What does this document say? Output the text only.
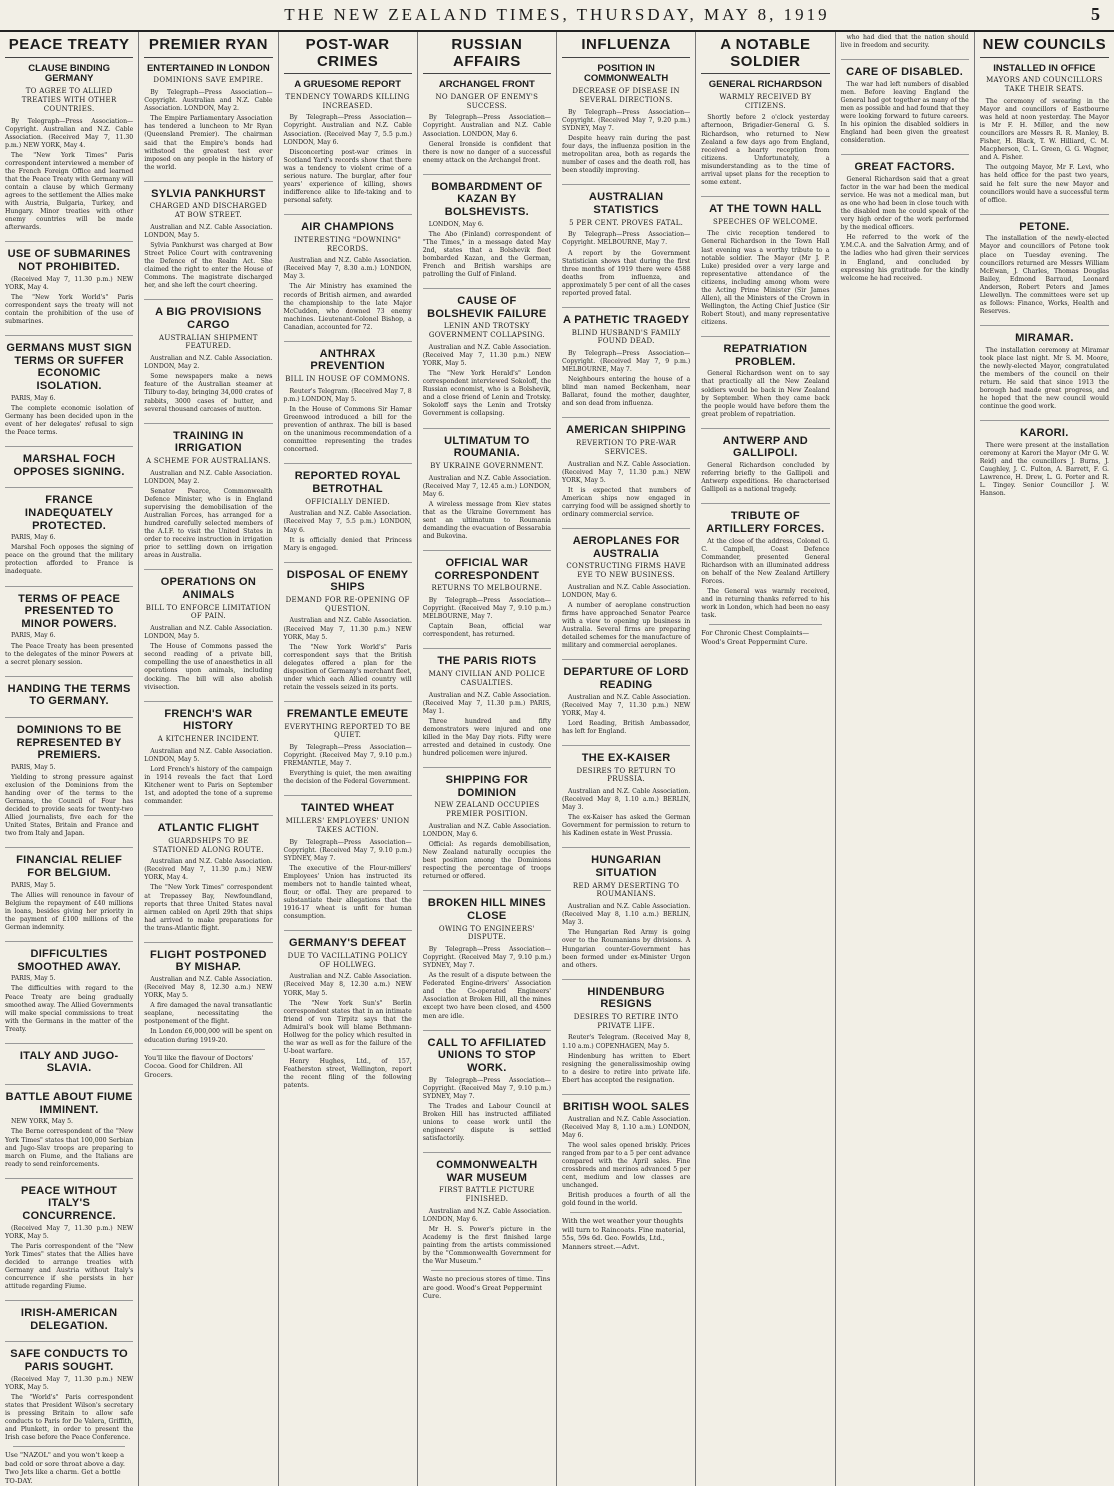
THE NEW ZEALAND TIMES, THURSDAY, MAY 8, 1919	5
PEACE TREATY
CLAUSE BINDING GERMANY
TO AGREE TO ALLIED TREATIES WITH OTHER COUNTRIES.

By Telegraph—Press Association—Copyright. Australian and N.Z. Cable Association. (Received May 7, 11.30 p.m.) NEW YORK, May 4.

The "New York Times" Paris correspondent interviewed a member of the French Foreign Office and learned that the Peace Treaty with Germany will contain a clause by which Germany agrees to the settlement the Allies make with Austria, Bulgaria, Turkey, and Hungary. Minor treaties with other enemy countries will be made afterwards.

USE OF SUBMARINES NOT PROHIBITED.

(Received May 7, 11.30 p.m.) NEW YORK, May 4.

The "New York World's" Paris correspondent says the treaty will not contain the prohibition of the use of submarines.

GERMANS MUST SIGN TERMS OR SUFFER ECONOMIC ISOLATION.

PARIS, May 6.

The complete economic isolation of Germany has been decided upon in the event of her delegates' refusal to sign the Peace terms.

MARSHAL FOCH OPPOSES SIGNING.
FRANCE INADEQUATELY PROTECTED.

PARIS, May 6.

Marshal Foch opposes the signing of peace on the ground that the military protection afforded to France is inadequate.

TERMS OF PEACE PRESENTED TO MINOR POWERS.

PARIS, May 6.

The Peace Treaty has been presented to the delegates of the minor Powers at a secret plenary session.

HANDING THE TERMS TO GERMANY.
DOMINIONS TO BE REPRESENTED BY PREMIERS.

PARIS, May 5.

Yielding to strong pressure against exclusion of the Dominions from the handing over of the terms to the Germans, the Council of Four has decided to provide seats for twenty-two Allied journalists, five each for the United States, Britain and France and two from Italy and Japan.

FINANCIAL RELIEF FOR BELGIUM.

PARIS, May 5.

The Allies will renounce in favour of Belgium the repayment of £40 millions in loans, besides giving her priority in the payment of £100 millions of the German indemnity.

DIFFICULTIES SMOOTHED AWAY.

PARIS, May 5.

The difficulties with regard to the Peace Treaty are being gradually smoothed away. The Allied Governments will make special commissions to treat with the Germans in the matter of the Treaty.

ITALY AND JUGO-SLAVIA.
BATTLE ABOUT FIUME IMMINENT.

NEW YORK, May 5.

The Berne correspondent of the "New York Times" states that 100,000 Serbian and Jugo-Slav troops are preparing to march on Fiume, and the Italians are ready to send reinforcements.

PEACE WITHOUT ITALY'S CONCURRENCE.

(Received May 7, 11.30 p.m.) NEW YORK, May 5.

The Paris correspondent of the "New York Times" states that the Allies have decided to arrange treaties with Germany and Austria without Italy's concurrence if she persists in her attitude regarding Fiume.

IRISH-AMERICAN DELEGATION.
SAFE CONDUCTS TO PARIS SOUGHT.

(Received May 7, 11.30 p.m.) NEW YORK, May 5.

The "World's" Paris correspondent states that President Wilson's secretary is pressing Britain to allow safe conducts to Paris for De Valera, Griffith, and Plunkett, in order to present the Irish case before the Peace Conference.

Use "NAZOL" and you won't keep a bad cold or sore throat above a day. Two Jets like a charm. Get a bottle TO-DAY.
PREMIER RYAN
ENTERTAINED IN LONDON
DOMINIONS SAVE EMPIRE.

By Telegraph—Press Association—Copyright. Australian and N.Z. Cable Association. LONDON, May 2.

The Empire Parliamentary Association has tendered a luncheon to Mr Ryan (Queensland Premier). The chairman said that the Empire's bonds had withstood the greatest test ever imposed on any people in the history of the world.

SYLVIA PANKHURST
CHARGED AND DISCHARGED AT BOW STREET.

Australian and N.Z. Cable Association. LONDON, May 5.

Sylvia Pankhurst was charged at Bow Street Police Court with contravening the Defence of the Realm Act. She claimed the right to enter the House of Commons. The magistrate discharged her, and she left the court cheering.

A BIG PROVISIONS CARGO
AUSTRALIAN SHIPMENT FEATURED.

Australian and N.Z. Cable Association. LONDON, May 2.

Some newspapers make a news feature of the Australian steamer at Tilbury to-day, bringing 34,000 crates of rabbits, 3000 cases of butter, and several thousand carcases of mutton.

TRAINING IN IRRIGATION
A SCHEME FOR AUSTRALIANS.

Australian and N.Z. Cable Association. LONDON, May 2.

Senator Pearce, Commonwealth Defence Minister, who is in England supervising the demobilisation of the Australian Forces, has arranged for a hundred carefully selected members of the A.I.F. to visit the United States in order to receive instruction in irrigation prior to settling down on irrigation areas in Australia.

OPERATIONS ON ANIMALS
BILL TO ENFORCE LIMITATION OF PAIN.

Australian and N.Z. Cable Association. LONDON, May 5.

The House of Commons passed the second reading of a private bill, compelling the use of anaesthetics in all operations upon animals, including docking. The bill will also abolish vivisection.

FRENCH'S WAR HISTORY
A KITCHENER INCIDENT.

Australian and N.Z. Cable Association. LONDON, May 5.

Lord French's history of the campaign in 1914 reveals the fact that Lord Kitchener went to Paris on September 1st, and adopted the tone of a supreme commander.

ATLANTIC FLIGHT
GUARDSHIPS TO BE STATIONED ALONG ROUTE.

Australian and N.Z. Cable Association. (Received May 7, 11.30 p.m.) NEW YORK, May 4.

The "New York Times" correspondent at Trepassey Bay, Newfoundland, reports that three United States naval airmen cabled on April 29th that ships had arrived to make preparations for the trans-Atlantic flight.

FLIGHT POSTPONED BY MISHAP.

Australian and N.Z. Cable Association. (Received May 8, 12.30 a.m.) NEW YORK, May 5.

A fire damaged the naval transatlantic seaplane, necessitating the postponement of the flight.

In London £6,000,000 will be spent on education during 1919-20.

You'll like the flavour of Doctors' Cocoa. Good for Children. All Grocers.
POST-WAR CRIMES
A GRUESOME REPORT
TENDENCY TOWARDS KILLING INCREASED.

By Telegraph—Press Association—Copyright. Australian and N.Z. Cable Association. (Received May 7, 5.5 p.m.) LONDON, May 6.

Disconcerting post-war crimes in Scotland Yard's records show that there was a tendency to violent crime of a serious nature. The burglar, after four years' experience of killing, shows indifference alike to life-taking and to personal safety.

AIR CHAMPIONS
INTERESTING "DOWNING" RECORDS.

Australian and N.Z. Cable Association. (Received May 7, 8.30 a.m.) LONDON, May 3.

The Air Ministry has examined the records of British airmen, and awarded the championship to the late Major McCudden, who downed 73 enemy machines. Lieutenant-Colonel Bishop, a Canadian, accounted for 72.

ANTHRAX PREVENTION
BILL IN HOUSE OF COMMONS.

Reuter's Telegram. (Received May 7, 8 p.m.) LONDON, May 5.

In the House of Commons Sir Hamar Greenwood introduced a bill for the prevention of anthrax. The bill is based on the unanimous recommendation of a committee representing the trades concerned.

REPORTED ROYAL BETROTHAL
OFFICIALLY DENIED.

Australian and N.Z. Cable Association. (Received May 7, 5.5 p.m.) LONDON, May 6.

It is officially denied that Princess Mary is engaged.

DISPOSAL OF ENEMY SHIPS
DEMAND FOR RE-OPENING OF QUESTION.

Australian and N.Z. Cable Association. (Received May 7, 11.30 p.m.) NEW YORK, May 5.

The "New York World's" Paris correspondent says that the British delegates offered a plan for the disposition of Germany's merchant fleet, under which each Allied country will retain the vessels seized in its ports.

FREMANTLE EMEUTE
EVERYTHING REPORTED TO BE QUIET.

By Telegraph—Press Association—Copyright. (Received May 7, 9.10 p.m.) FREMANTLE, May 7.

Everything is quiet, the men awaiting the decision of the Federal Government.

TAINTED WHEAT
MILLERS' EMPLOYEES' UNION TAKES ACTION.

By Telegraph—Press Association—Copyright. (Received May 7, 9.10 p.m.) SYDNEY, May 7.

The executive of the Flour-millers' Employees' Union has instructed its members not to handle tainted wheat, flour, or offal. They are prepared to substantiate their allegations that the 1916-17 wheat is unfit for human consumption.

GERMANY'S DEFEAT
DUE TO VACILLATING POLICY OF HOLLWEG.

Australian and N.Z. Cable Association. (Received May 8, 12.30 a.m.) NEW YORK, May 5.

The "New York Sun's" Berlin correspondent states that in an intimate friend of von Tirpitz says that the Admiral's book will blame Bethmann-Hollweg for the policy which resulted in the war as well as for the failure of the U-boat warfare.

Henry Hughes, Ltd., of 157, Featherston street, Wellington, report the recent filing of the following patents.

RUSSIAN AFFAIRS
ARCHANGEL FRONT
NO DANGER OF ENEMY'S SUCCESS.

By Telegraph—Press Association—Copyright. Australian and N.Z. Cable Association. LONDON, May 6.

General Ironside is confident that there is now no danger of a successful enemy attack on the Archangel front.

BOMBARDMENT OF KAZAN BY BOLSHEVISTS.

LONDON, May 6.

The Abo (Finland) correspondent of "The Times," in a message dated May 2nd, states that a Bolshevik fleet bombarded Kazan, and the German, French and British warships are patrolling the Gulf of Finland.

CAUSE OF BOLSHEVIK FAILURE
LENIN AND TROTSKY GOVERNMENT COLLAPSING.

Australian and N.Z. Cable Association. (Received May 7, 11.30 p.m.) NEW YORK, May 5.

The "New York Herald's" London correspondent interviewed Sokoloff, the Russian economist, who is a Bolshevik, and a close friend of Lenin and Trotsky. Sokoloff says the Lenin and Trotsky Government is collapsing.

ULTIMATUM TO ROUMANIA.
BY UKRAINE GOVERNMENT.

Australian and N.Z. Cable Association. (Received May 7, 12.45 a.m.) LONDON, May 6.

A wireless message from Kiev states that as the Ukraine Government has sent an ultimatum to Roumania demanding the evacuation of Bessarabia and Bukovina.

OFFICIAL WAR CORRESPONDENT
RETURNS TO MELBOURNE.

By Telegraph—Press Association—Copyright. (Received May 7, 9.10 p.m.) MELBOURNE, May 7.

Captain Bean, official war correspondent, has returned.

THE PARIS RIOTS
MANY CIVILIAN AND POLICE CASUALTIES.

Australian and N.Z. Cable Association. (Received May 7, 11.30 p.m.) PARIS, May 1.

Three hundred and fifty demonstrators were injured and one killed in the May Day riots. Fifty were arrested and detained in custody. One hundred policemen were injured.

SHIPPING FOR DOMINION
NEW ZEALAND OCCUPIES PREMIER POSITION.

Australian and N.Z. Cable Association. LONDON, May 6.

Official: As regards demobilisation, New Zealand naturally occupies the best position among the Dominions respecting the percentage of troops returned or offered.

BROKEN HILL MINES CLOSE
OWING TO ENGINEERS' DISPUTE.

By Telegraph—Press Association—Copyright. (Received May 7, 9.10 p.m.) SYDNEY, May 7.

As the result of a dispute between the Federated Engine-drivers' Association and the Co-operated Engineers' Association at Broken Hill, all the mines except two have been closed, and 4500 men are idle.

CALL TO AFFILIATED UNIONS TO STOP WORK.

By Telegraph—Press Association—Copyright. (Received May 7, 9.10 p.m.) SYDNEY, May 7.

The Trades and Labour Council at Broken Hill has instructed affiliated unions to cease work until the engineers' dispute is settled satisfactorily.

COMMONWEALTH WAR MUSEUM
FIRST BATTLE PICTURE FINISHED.

Australian and N.Z. Cable Association. LONDON, May 6.

Mr H. S. Power's picture in the Academy is the first finished large painting from the artists commissioned by the "Commonwealth Government for the War Museum."

Waste no precious stores of time. Tins are good. Wood's Great Peppermint Cure.
INFLUENZA
POSITION IN COMMONWEALTH
DECREASE OF DISEASE IN SEVERAL DIRECTIONS.

By Telegraph—Press Association—Copyright. (Received May 7, 9.20 p.m.) SYDNEY, May 7.

Despite heavy rain during the past four days, the influenza position in the metropolitan area, both as regards the number of cases and the death roll, has been steadily improving.

AUSTRALIAN STATISTICS
5 PER CENT. PROVES FATAL.

By Telegraph—Press Association—Copyright. MELBOURNE, May 7.

A report by the Government Statistician shows that during the first three months of 1919 there were 4588 deaths from influenza, and approximately 5 per cent of all the cases reported proved fatal.

A PATHETIC TRAGEDY
BLIND HUSBAND'S FAMILY FOUND DEAD.

By Telegraph—Press Association—Copyright. (Received May 7, 9 p.m.) MELBOURNE, May 7.

Neighbours entering the house of a blind man named Beckenham, near Ballarat, found the mother, daughter, and son dead from influenza.

AMERICAN SHIPPING
REVERTION TO PRE-WAR SERVICES.

Australian and N.Z. Cable Association. (Received May 7, 11.30 p.m.) NEW YORK, May 5.

It is expected that numbers of American ships now engaged in carrying food will be assigned shortly to ordinary commercial service.

AEROPLANES FOR AUSTRALIA
CONSTRUCTING FIRMS HAVE EYE TO NEW BUSINESS.

Australian and N.Z. Cable Association. LONDON, May 6.

A number of aeroplane construction firms have approached Senator Pearce with a view to opening up business in Australia. Several firms are preparing detailed schemes for the manufacture of military and commercial aeroplanes.

DEPARTURE OF LORD READING

Australian and N.Z. Cable Association. (Received May 7, 11.30 p.m.) NEW YORK, May 4.

Lord Reading, British Ambassador, has left for England.

THE EX-KAISER
DESIRES TO RETURN TO PRUSSIA.

Australian and N.Z. Cable Association. (Received May 8, 1.10 a.m.) BERLIN, May 3.

The ex-Kaiser has asked the German Government for permission to return to his Kadinen estate in West Prussia.

HUNGARIAN SITUATION
RED ARMY DESERTING TO ROUMANIANS.

Australian and N.Z. Cable Association. (Received May 8, 1.10 a.m.) BERLIN, May 3.

The Hungarian Red Army is going over to the Roumanians by divisions. A Hungarian counter-Government has been formed under ex-Minister Urgon and others.

HINDENBURG RESIGNS
DESIRES TO RETIRE INTO PRIVATE LIFE.

Reuter's Telegram. (Received May 8, 1.10 a.m.) COPENHAGEN, May 5.

Hindenburg has written to Ebert resigning the generalissimoship owing to a desire to retire into private life. Ebert has accepted the resignation.

BRITISH WOOL SALES

Australian and N.Z. Cable Association. (Received May 8, 1.10 a.m.) LONDON, May 6.

The wool sales opened briskly. Prices ranged from par to a 5 per cent advance compared with the April sales. Fine crossbreds and merinos advanced 5 per cent, medium and low classes are unchanged.

British produces a fourth of all the gold found in the world.

With the wet weather your thoughts will turn to Raincoats. Fine material, 55s, 59s 6d. Geo. Fowlds, Ltd., Manners street.—Advt.
A NOTABLE SOLDIER
GENERAL RICHARDSON
WARMLY RECEIVED BY CITIZENS.

Shortly before 2 o'clock yesterday afternoon, Brigadier-General G. S. Richardson, who returned to New Zealand a few days ago from England, received a hearty reception from citizens. Unfortunately, a misunderstanding as to the time of arrival upset plans for the reception to some extent.

AT THE TOWN HALL
SPEECHES OF WELCOME.

The civic reception tendered to General Richardson in the Town Hall last evening was a worthy tribute to a notable soldier. The Mayor (Mr J. P. Luke) presided over a very large and representative attendance of the citizens, including among whom were the Acting Prime Minister (Sir James Allen), all the Ministers of the Crown in Wellington, the Acting Chief Justice (Sir Robert Stout), and many representative citizens.

REPATRIATION PROBLEM.

General Richardson went on to say that practically all the New Zealand soldiers would be back in New Zealand by September. When they came back the people would have before them the great problem of repatriation.

ANTWERP AND GALLIPOLI.

General Richardson concluded by referring briefly to the Gallipoli and Antwerp expeditions. He characterised Gallipoli as a national tragedy.

TRIBUTE OF ARTILLERY FORCES.

At the close of the address, Colonel G. C. Campbell, Coast Defence Commander, presented General Richardson with an illuminated address on behalf of the New Zealand Artillery Forces.

The General was warmly received, and in returning thanks referred to his work in London, which had been no easy task.

For Chronic Chest Complaints—Wood's Great Peppermint Cure.

who had died that the nation should live in freedom and security.

CARE OF DISABLED.

The war had left numbers of disabled men. Before leaving England the General had got together as many of the men as possible and had found that they were looking forward to future careers. In his opinion the disabled soldiers in England had been given the greatest consideration.

GREAT FACTORS.

General Richardson said that a great factor in the war had been the medical service. He was not a medical man, but as one who had been in close touch with the disabled men he could speak of the very high order of the work performed by the medical officers.

He referred to the work of the Y.M.C.A. and the Salvation Army, and of the ladies who had given their services in England, and concluded by expressing his gratitude for the kindly welcome he had received.

NEW COUNCILS
INSTALLED IN OFFICE
MAYORS AND COUNCILLORS TAKE THEIR SEATS.

The ceremony of swearing in the Mayor and councillors of Eastbourne was held at noon yesterday. The Mayor is Mr F. H. Miller, and the new councillors are Messrs R. R. Manley, B. Fisher, H. Black, T. W. Hilliard, C. M. Macpherson, C. L. Green, G. G. Wagner, and A. Fisher.

The outgoing Mayor, Mr F. Levi, who has held office for the past two years, said he felt sure the new Mayor and councillors would have a successful term of office.

PETONE.

The installation of the newly-elected Mayor and councillors of Petone took place on Tuesday evening. The councillors returned are Messrs William McEwan, J. Charles, Thomas Douglas Bailey, Edmond Barraud, Leonard Anderson, Robert Peters and James Llewellyn. The committees were set up as follows: Finance, Works, Health and Reserves.

MIRAMAR.

The installation ceremony at Miramar took place last night. Mr S. M. Moore, the newly-elected Mayor, congratulated the members of the council on their return. He said that since 1913 the borough had made great progress, and he hoped that the new council would continue the good work.

KARORI.

There were present at the installation ceremony at Karori the Mayor (Mr G. W. Reid) and the councillors J. Burns, J. Caughley, J. C. Fulton, A. Barrett, F. G. Lawrence, H. Drew, L. G. Porter and R. L. Tingey. Senior Councillor J. W. Hanson.
